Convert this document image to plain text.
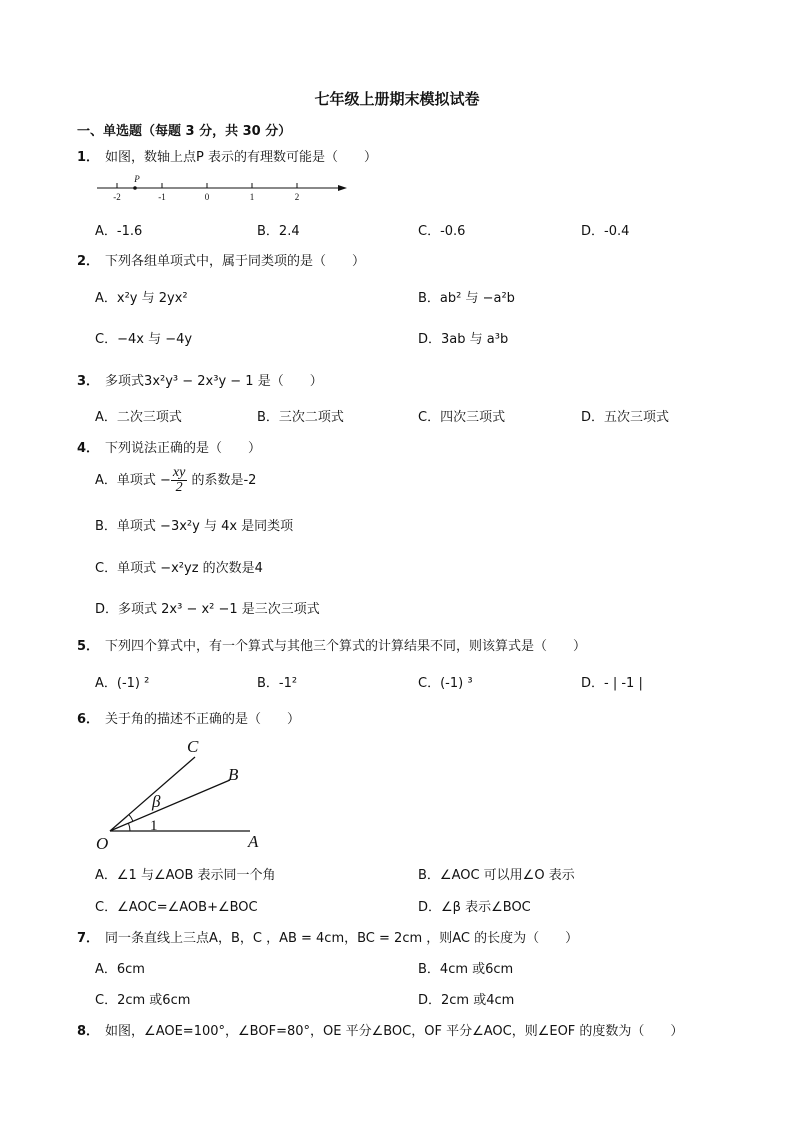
七年级上册期末模拟试卷
一、单选题（每题 3 分，共 30 分）
1． 如图，数轴上点P 表示的有理数可能是（　　）
-2	-1	0	1	2
P
A．-1.6	B．2.4	C．-0.6	D．-0.4
2． 下列各组单项式中，属于同类项的是（　　）
A．x²y 与 2yx²	B．ab² 与 −a²b
C．−4x 与 −4y	D．3ab 与 a³b
3． 多项式3x²y³ − 2x³y − 1 是（　　）
A．二次三项式	B．三次二项式	C．四次三项式	D．五次三项式
4． 下列说法正确的是（　　）
A．单项式 − $\frac{xy}{2}$ 的系数是-2
B．单项式 −3x²y 与 4x 是同类项
C．单项式 −x²yz 的次数是4
D．多项式 2x³ − x² −1 是三次三项式
5． 下列四个算式中，有一个算式与其他三个算式的计算结果不同，则该算式是（　　）
A．(-1) ²	B．-1²	C．(-1) ³	D．- | -1 |
6． 关于角的描述不正确的是（　　）
C
B
O	A
β
1
A．∠1 与∠AOB 表示同一个角	B．∠AOC 可以用∠O 表示
C．∠AOC=∠AOB+∠BOC	D．∠β 表示∠BOC
7． 同一条直线上三点A，B，C ，AB = 4cm，BC = 2cm ，则AC 的长度为（　　）
A．6cm	B．4cm 或6cm
C．2cm 或6cm	D．2cm 或4cm
8． 如图，∠AOE=100°，∠BOF=80°，OE 平分∠BOC，OF 平分∠AOC，则∠EOF 的度数为（　　）
